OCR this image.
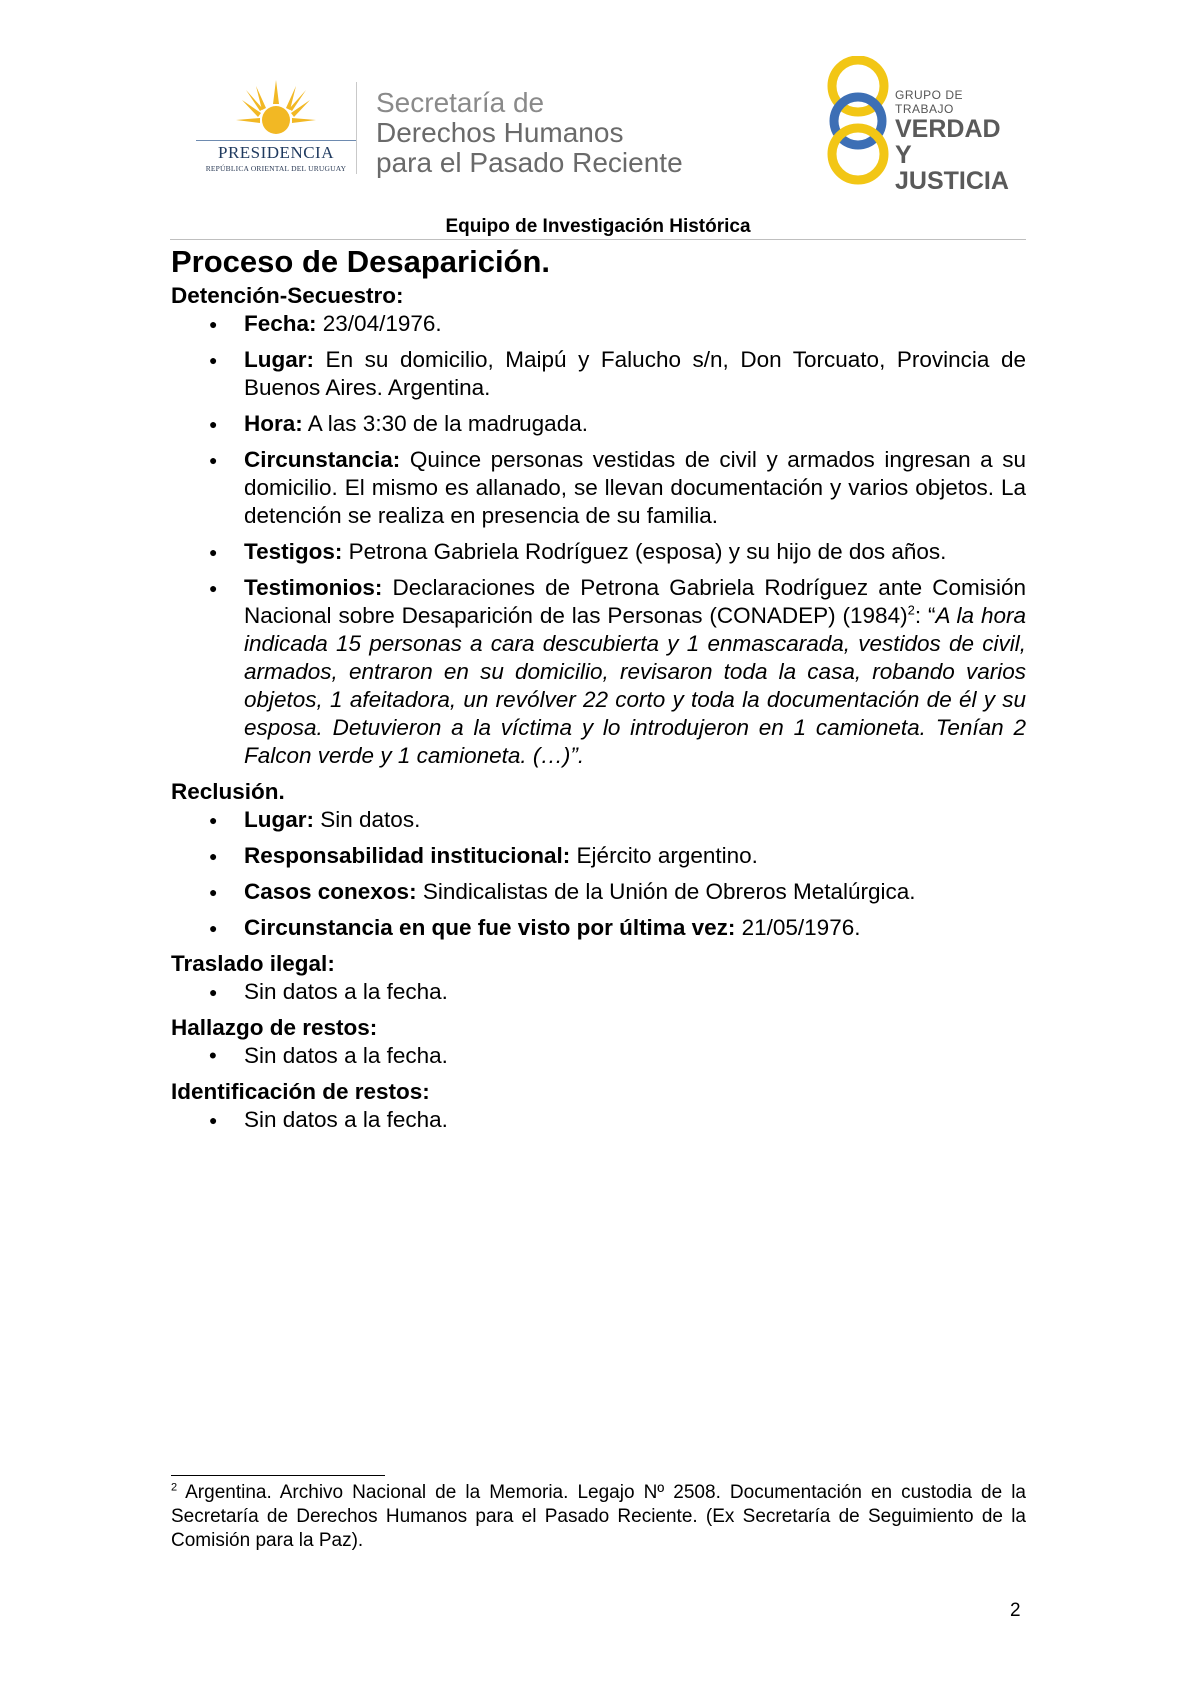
PRESIDENCIA
REPÚBLICA ORIENTAL DEL URUGUAY
Secretaría de
Derechos Humanos
para el Pasado Reciente
GRUPO DE TRABAJO
VERDAD Y
JUSTICIA
Equipo de Investigación Histórica
Proceso de Desaparición.
Detención-Secuestro:
● Fecha: 23/04/1976.
● Lugar: En su domicilio, Maipú y Falucho s/n, Don Torcuato, Provincia de Buenos Aires. Argentina.
● Hora: A las 3:30 de la madrugada.
● Circunstancia: Quince personas vestidas de civil y armados ingresan a su domicilio. El mismo es allanado, se llevan documentación y varios objetos. La detención se realiza en presencia de su familia.
● Testigos: Petrona Gabriela Rodríguez (esposa) y su hijo de dos años.
● Testimonios: Declaraciones de Petrona Gabriela Rodríguez ante Comisión Nacional sobre Desaparición de las Personas (CONADEP) $(1984)^2$: “A la hora indicada 15 personas a cara descubierta y 1 enmascarada, vestidos de civil, armados, entraron en su domicilio, revisaron toda la casa, robando varios objetos, 1 afeitadora, un revólver 22 corto y toda la documentación de él y su esposa. Detuvieron a la víctima y lo introdujeron en 1 camioneta. Tenían 2 Falcon verde y 1 camioneta. (…)”.
Reclusión.
● Lugar: Sin datos.
● Responsabilidad institucional: Ejército argentino.
● Casos conexos: Sindicalistas de la Unión de Obreros Metalúrgica.
● Circunstancia en que fue visto por última vez: 21/05/1976.
Traslado ilegal:
● Sin datos a la fecha.
Hallazgo de restos:
• Sin datos a la fecha.
Identificación de restos:
● Sin datos a la fecha.
$^2$ Argentina. Archivo Nacional de la Memoria. Legajo Nº 2508. Documentación en custodia de la Secretaría de Derechos Humanos para el Pasado Reciente. (Ex Secretaría de Seguimiento de la Comisión para la Paz).
2
